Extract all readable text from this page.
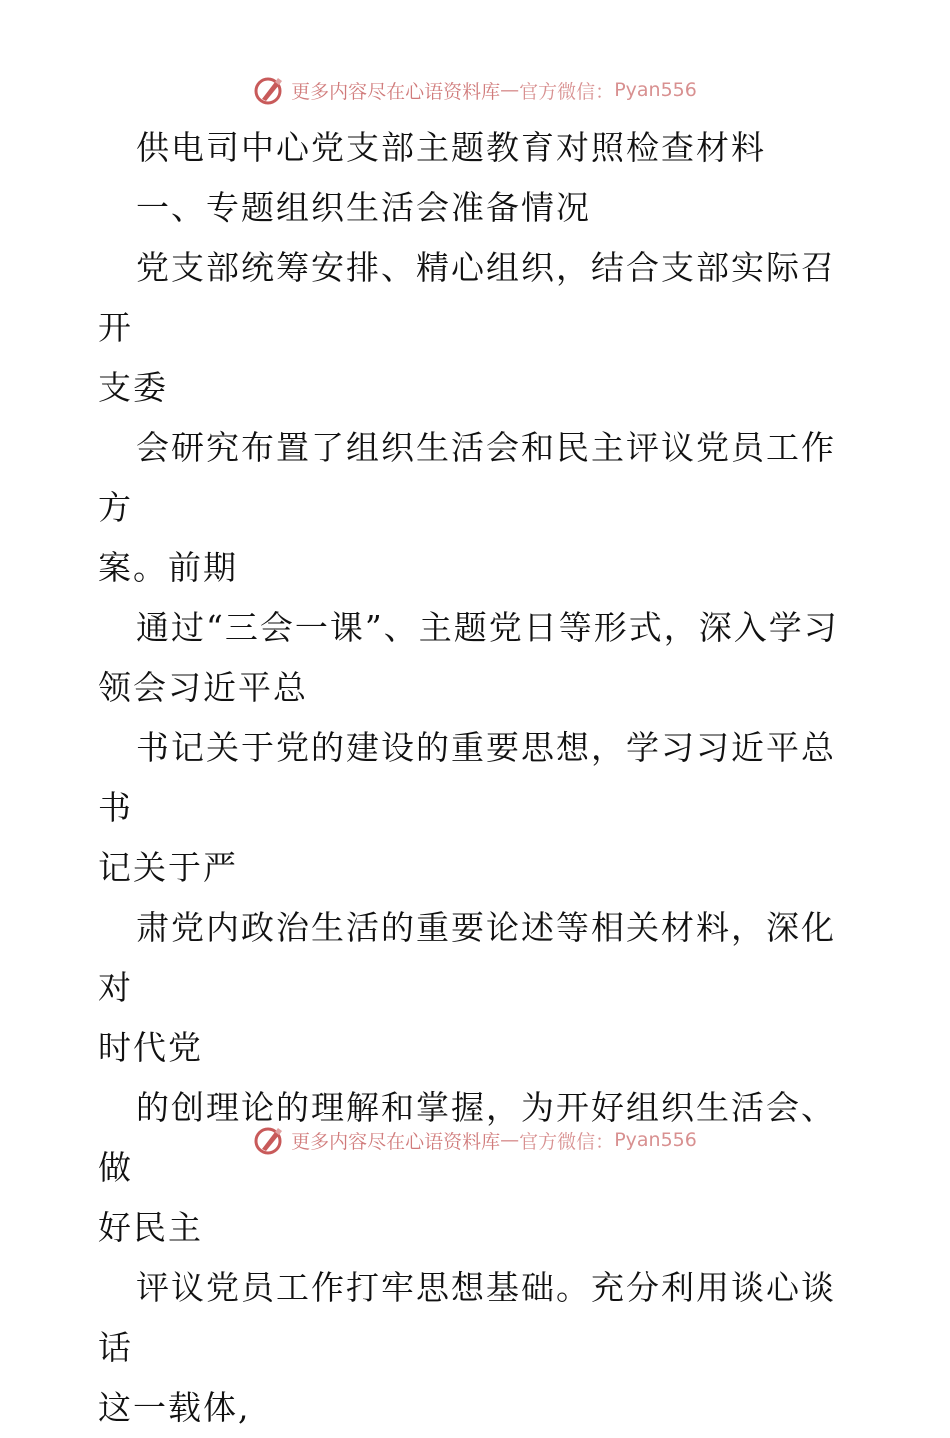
更多内容尽在心语资料库 — 官方微信： Pyan556

供电司中心党支部主题教育对照检查材料

一、专题组织生活会准备情况

党支部统筹安排、精心组织，结合支部实际召开

支委

会研究布置了组织生活会和民主评议党员工作方

案。前期

通过“三会一课”、主题党日等形式，深入学习

领会习近平总

书记关于党的建设的重要思想，学习习近平总书

记关于严

肃党内政治生活的重要论述等相关材料，深化对

时代党

的创理论的理解和掌握，为开好组织生活会、做

好民主

评议党员工作打牢思想基础。充分利用谈心谈话

这一载体,

更多内容尽在心语资料库 — 官方微信： Pyan556
